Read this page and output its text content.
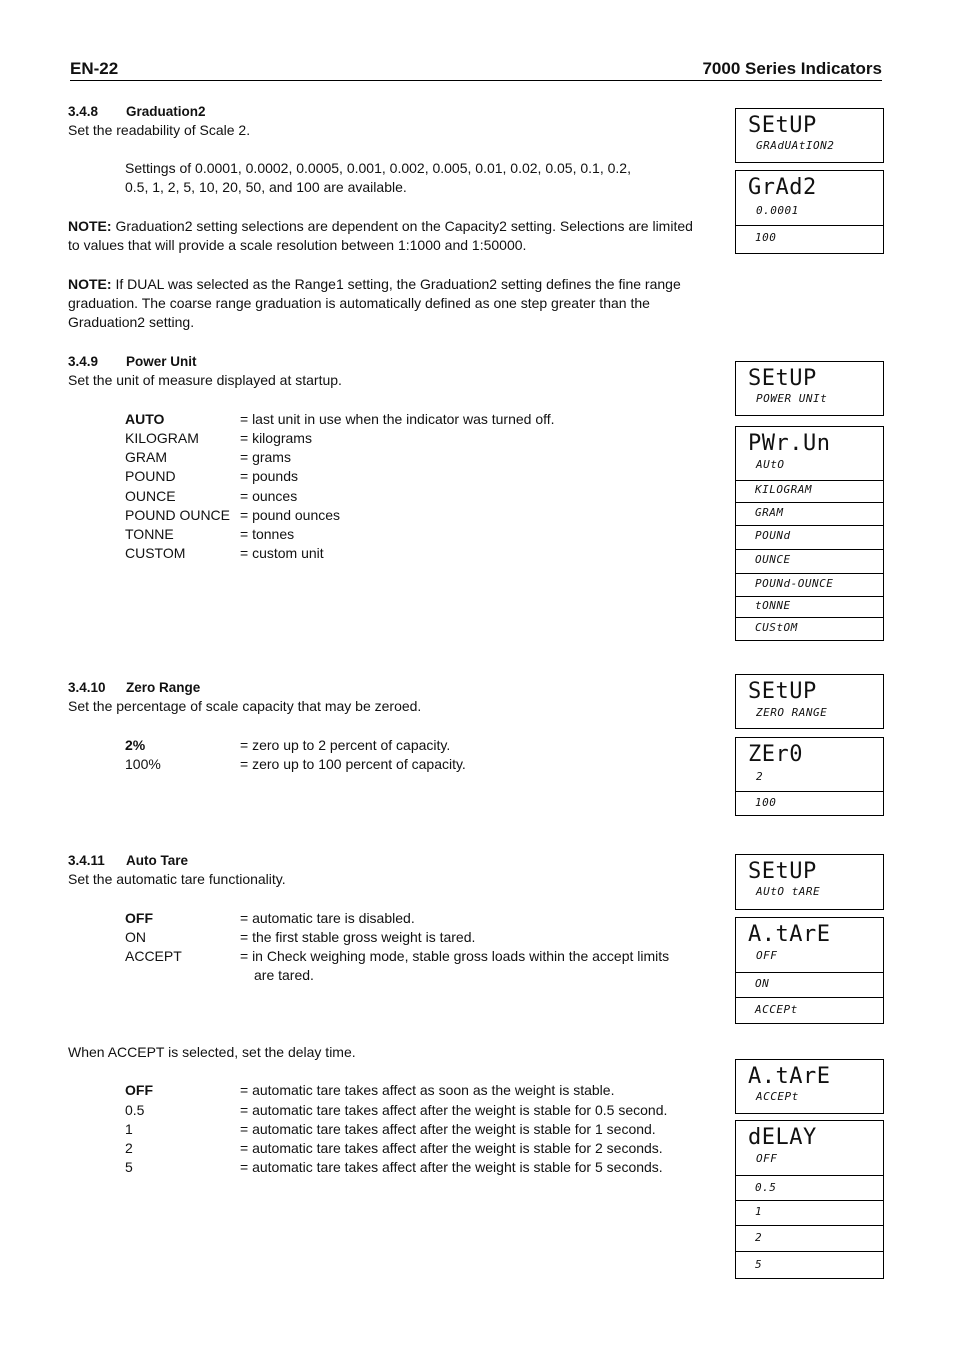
EN-22	7000 Series Indicators
3.4.8 Graduation2
Set the readability of Scale 2.
Settings of 0.0001, 0.0002, 0.0005, 0.001, 0.002, 0.005, 0.01, 0.02, 0.05, 0.1, 0.2,
0.5, 1, 2, 5, 10, 20, 50, and 100 are available.
NOTE: Graduation2 setting selections are dependent on the Capacity2 setting. Selections are limited to values that will provide a scale resolution between 1:1000 and 1:50000.
NOTE: If DUAL was selected as the Range1 setting, the Graduation2 setting defines the fine range graduation. The coarse range graduation is automatically defined as one step greater than the Graduation2 setting.
SEtUP
GRAdUAtION2
GrAd2
0.0001
100
3.4.9 Power Unit
Set the unit of measure displayed at startup.
AUTO	= last unit in use when the indicator was turned off.
KILOGRAM	= kilograms
GRAM	= grams
POUND	= pounds
OUNCE	= ounces
POUND OUNCE = pound ounces
TONNE	= tonnes
CUSTOM	= custom unit
SEtUP
POWER UNIt
PWr.Un
AUtO
KILOGRAM
GRAM
POUNd
OUNCE
POUNd-OUNCE
tONNE
CUStOM
3.4.10 Zero Range
Set the percentage of scale capacity that may be zeroed.
2%	= zero up to 2 percent of capacity.
100%	= zero up to 100 percent of capacity.
SEtUP
ZERO RANGE
ZEr0
2
100
3.4.11 Auto Tare
Set the automatic tare functionality.
OFF	= automatic tare is disabled.
ON	= the first stable gross weight is tared.
ACCEPT	= in Check weighing mode, stable gross loads within the accept limits
are tared.
SEtUP
AUtO tARE
A.tArE
OFF
ON
ACCEPt
When ACCEPT is selected, set the delay time.
OFF	= automatic tare takes affect as soon as the weight is stable.
0.5	= automatic tare takes affect after the weight is stable for 0.5 second.
1	= automatic tare takes affect after the weight is stable for 1 second.
2	= automatic tare takes affect after the weight is stable for 2 seconds.
5	= automatic tare takes affect after the weight is stable for 5 seconds.
A.tArE
ACCEPt
dELAY
OFF
0.5
1
2
5
